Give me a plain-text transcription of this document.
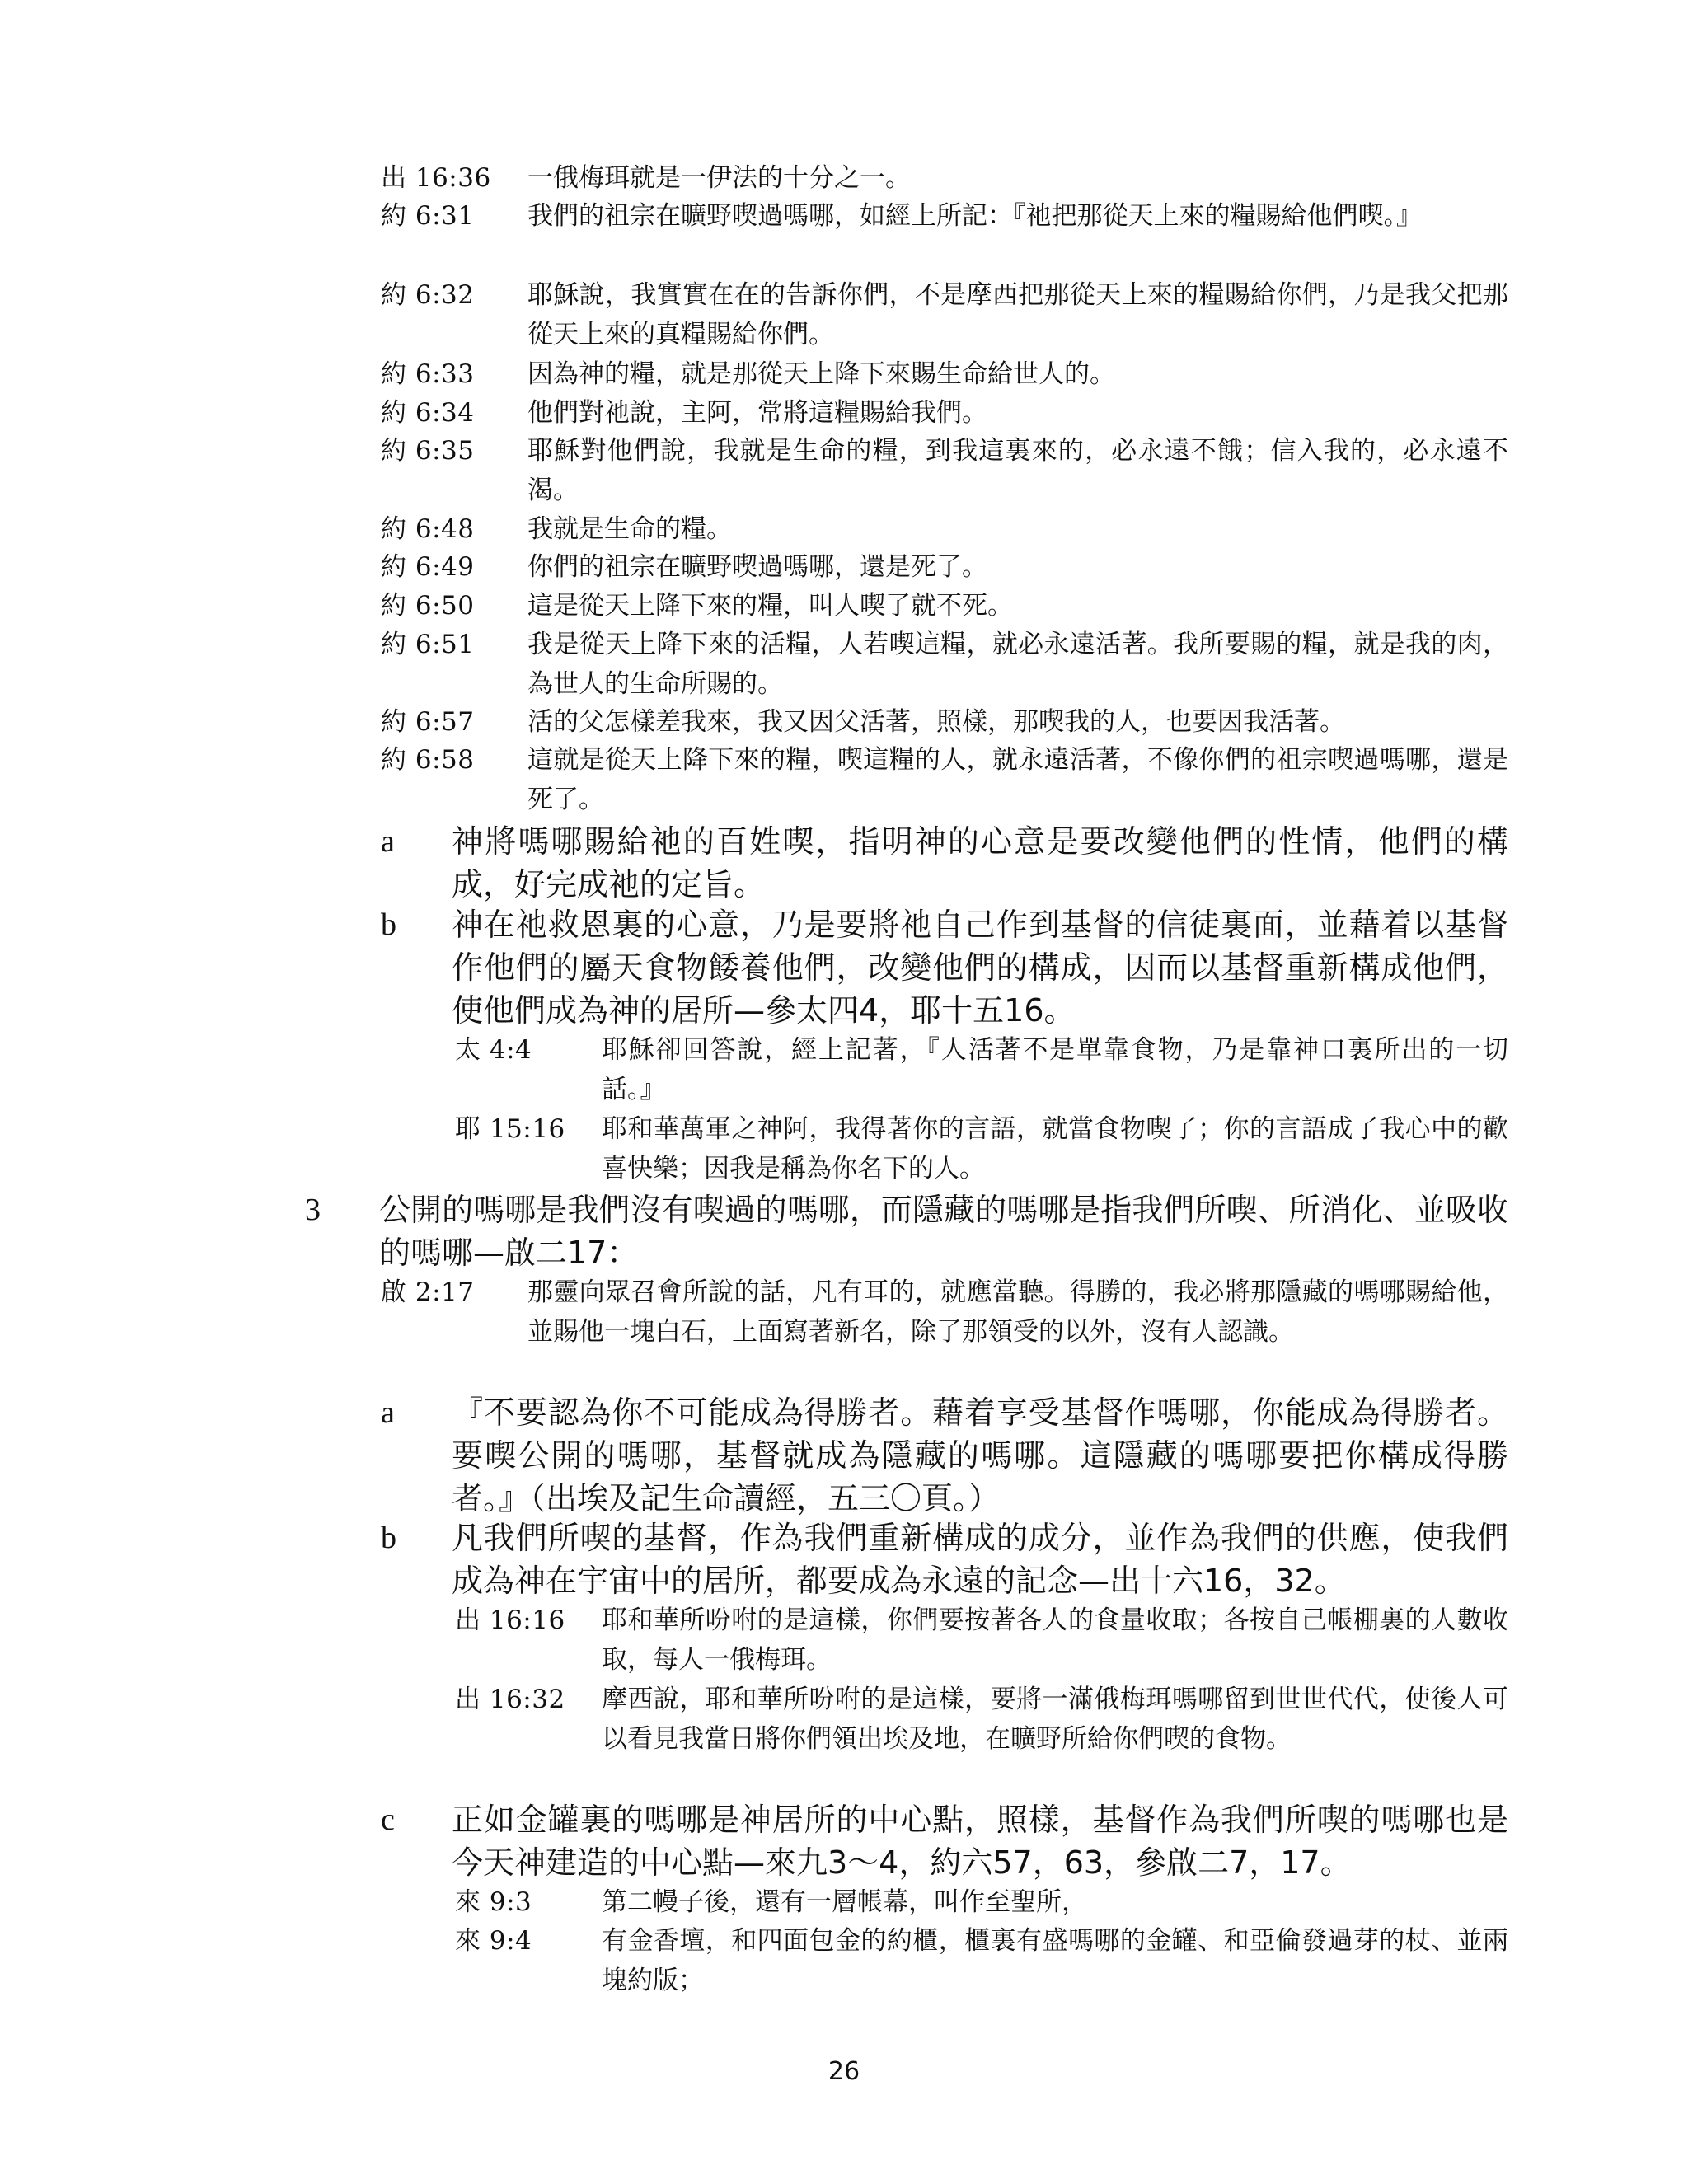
出 16:36 一俄梅珥就是一伊法的十分之一。
約 6:31 我們的祖宗在曠野喫過嗎哪，如經上所記：『祂把那從天上來的糧賜給他們喫。』
約 6:32 耶穌說，我實實在在的告訴你們，不是摩西把那從天上來的糧賜給你們，乃是我父把那從天上來的真糧賜給你們。
約 6:33 因為神的糧，就是那從天上降下來賜生命給世人的。
約 6:34 他們對祂說，主阿，常將這糧賜給我們。
約 6:35 耶穌對他們說，我就是生命的糧，到我這裏來的，必永遠不餓；信入我的，必永遠不渴。
約 6:48 我就是生命的糧。
約 6:49 你們的祖宗在曠野喫過嗎哪，還是死了。
約 6:50 這是從天上降下來的糧，叫人喫了就不死。
約 6:51 我是從天上降下來的活糧，人若喫這糧，就必永遠活著。我所要賜的糧，就是我的肉，為世人的生命所賜的。
約 6:57 活的父怎樣差我來，我又因父活著，照樣，那喫我的人，也要因我活著。
約 6:58 這就是從天上降下來的糧，喫這糧的人，就永遠活著，不像你們的祖宗喫過嗎哪，還是死了。
a 神將嗎哪賜給祂的百姓喫，指明神的心意是要改變他們的性情，他們的構成，好完成祂的定旨。
b 神在祂救恩裏的心意，乃是要將祂自己作到基督的信徒裏面，並藉着以基督作他們的屬天食物餧養他們，改變他們的構成，因而以基督重新構成他們，使他們成為神的居所—參太四4，耶十五16。
太 4:4	耶穌卻回答說，經上記著，『人活著不是單靠食物，乃是靠神口裏所出的一切話。』
耶 15:16 耶和華萬軍之神阿，我得著你的言語，就當食物喫了；你的言語成了我心中的歡喜快樂；因我是稱為你名下的人。
3 公開的嗎哪是我們沒有喫過的嗎哪，而隱藏的嗎哪是指我們所喫、所消化、並吸收的嗎哪—啟二17：
啟 2:17 那靈向眾召會所說的話，凡有耳的，就應當聽。得勝的，我必將那隱藏的嗎哪賜給他，並賜他一塊白石，上面寫著新名，除了那領受的以外，沒有人認識。
a 『不要認為你不可能成為得勝者。藉着享受基督作嗎哪，你能成為得勝者。要喫公開的嗎哪，基督就成為隱藏的嗎哪。這隱藏的嗎哪要把你構成得勝者。』（出埃及記生命讀經，五三〇頁。）
b 凡我們所喫的基督，作為我們重新構成的成分，並作為我們的供應，使我們成為神在宇宙中的居所，都要成為永遠的記念—出十六16，32。
出 16:16 耶和華所吩咐的是這樣，你們要按著各人的食量收取；各按自己帳棚裏的人數收取，每人一俄梅珥。
出 16:32 摩西說，耶和華所吩咐的是這樣，要將一滿俄梅珥嗎哪留到世世代代，使後人可以看見我當日將你們領出埃及地，在曠野所給你們喫的食物。
c 正如金罐裏的嗎哪是神居所的中心點，照樣，基督作為我們所喫的嗎哪也是今天神建造的中心點—來九3～4，約六57，63，參啟二7，17。
來 9:3	第二幔子後，還有一層帳幕，叫作至聖所，
來 9:4	有金香壇，和四面包金的約櫃，櫃裏有盛嗎哪的金罐、和亞倫發過芽的杖、並兩塊約版；
26
